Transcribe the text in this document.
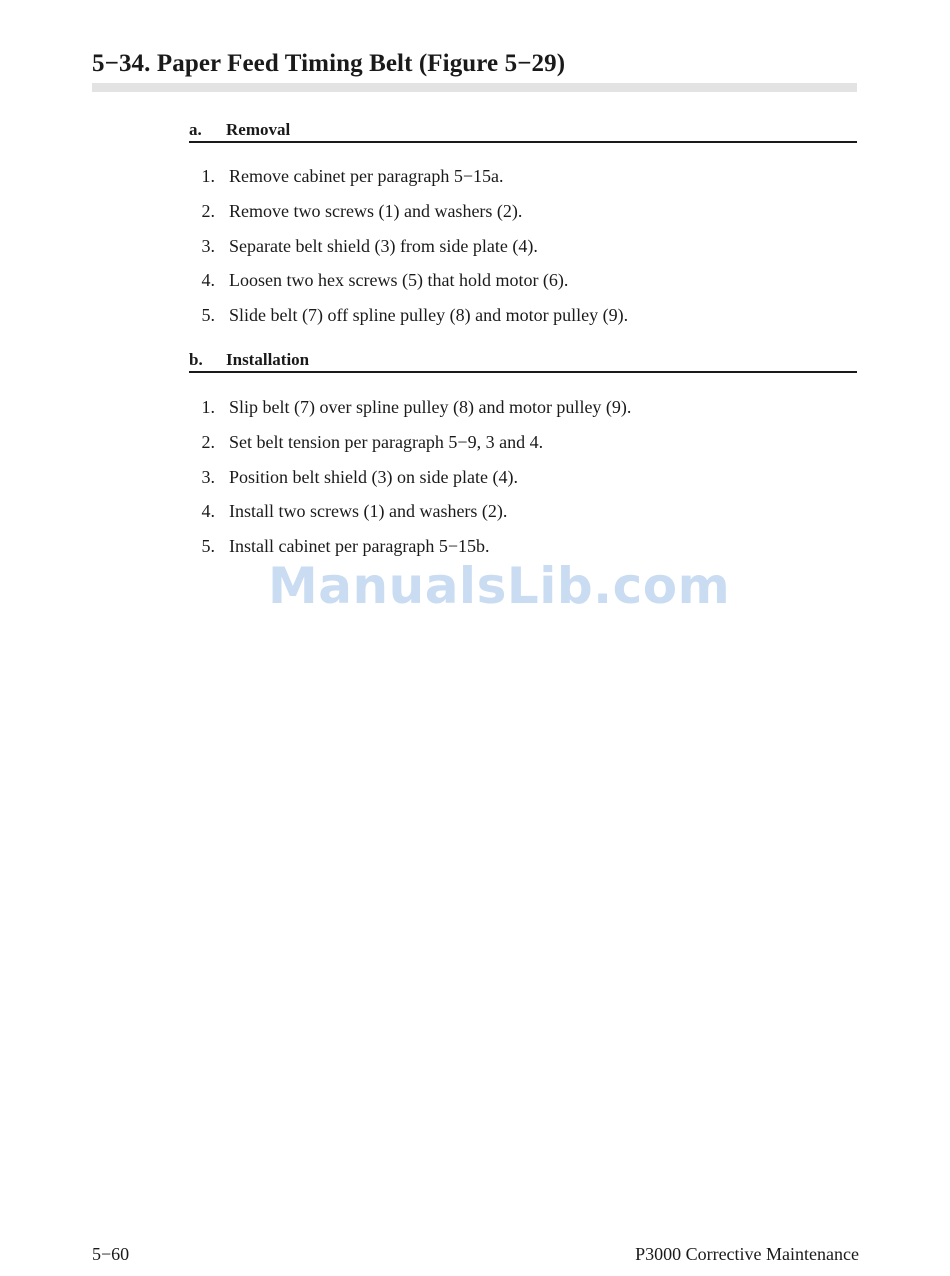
5−34. Paper Feed Timing Belt (Figure 5−29)
a. Removal
1. Remove cabinet per paragraph 5−15a.
2. Remove two screws (1) and washers (2).
3. Separate belt shield (3) from side plate (4).
4. Loosen two hex screws (5) that hold motor (6).
5. Slide belt (7) off spline pulley (8) and motor pulley (9).
b. Installation
1. Slip belt (7) over spline pulley (8) and motor pulley (9).
2. Set belt tension per paragraph 5−9, 3 and 4.
3. Position belt shield (3) on side plate (4).
4. Install two screws (1) and washers (2).
5. Install cabinet per paragraph 5−15b.
ManualsLib.com
5−60	P3000 Corrective Maintenance
